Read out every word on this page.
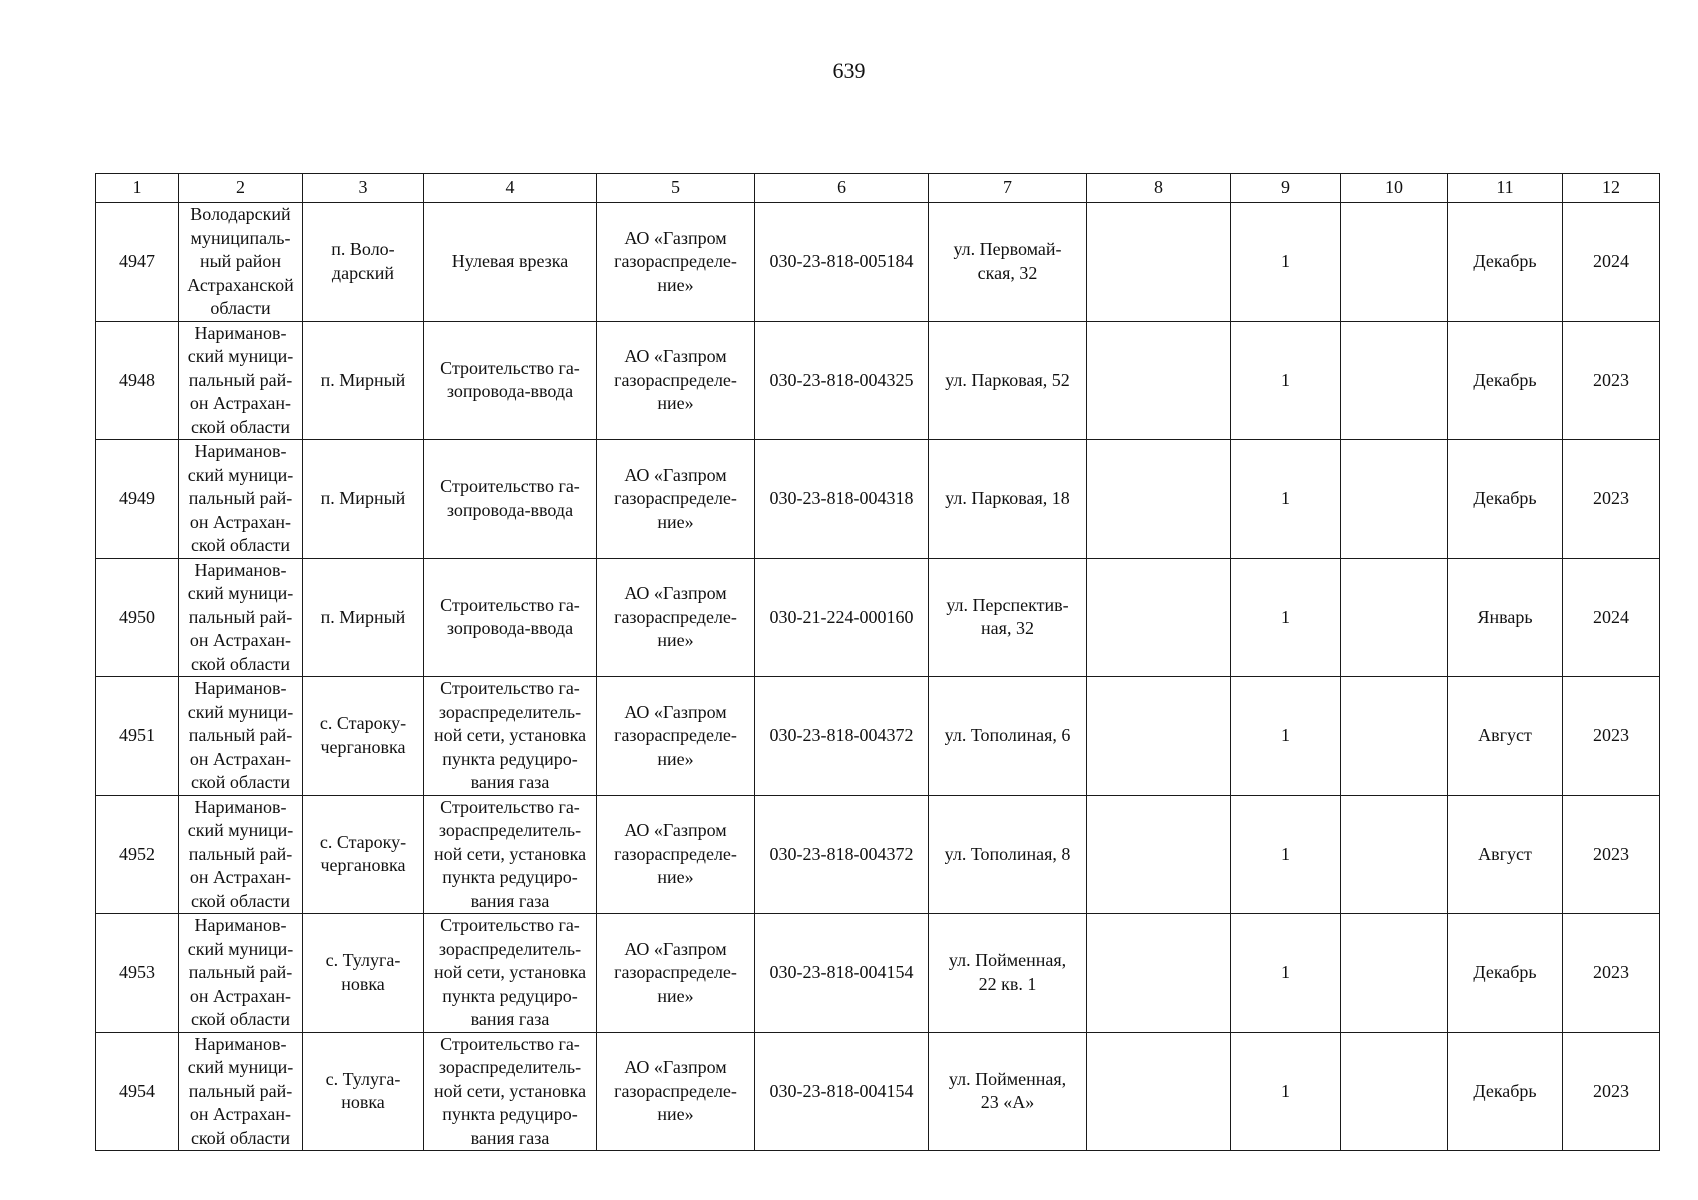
639
1	2	3	4	5	6	7	8	9	10	11	12
4947	Володарский
муниципаль-
ный район
Астраханской
области	п. Воло-
дарский	Нулевая врезка	АО «Газпром
газораспределе-
ние»	030-23-818-005184	ул. Первомай-
ская, 32		1		Декабрь	2024
4948	Нариманов-
ский муници-
пальный рай-
он Астрахан-
ской области	п. Мирный	Строительство га-
зопровода-ввода	АО «Газпром
газораспределе-
ние»	030-23-818-004325	ул. Парковая, 52		1		Декабрь	2023
4949	Нариманов-
ский муници-
пальный рай-
он Астрахан-
ской области	п. Мирный	Строительство га-
зопровода-ввода	АО «Газпром
газораспределе-
ние»	030-23-818-004318	ул. Парковая, 18		1		Декабрь	2023
4950	Нариманов-
ский муници-
пальный рай-
он Астрахан-
ской области	п. Мирный	Строительство га-
зопровода-ввода	АО «Газпром
газораспределе-
ние»	030-21-224-000160	ул. Перспектив-
ная, 32		1		Январь	2024
4951	Нариманов-
ский муници-
пальный рай-
он Астрахан-
ской области	с. Староку-
чергановка	Строительство га-
зораспределитель-
ной сети, установка
пункта редуциро-
вания газа	АО «Газпром
газораспределе-
ние»	030-23-818-004372	ул. Тополиная, 6		1		Август	2023
4952	Нариманов-
ский муници-
пальный рай-
он Астрахан-
ской области	с. Староку-
чергановка	Строительство га-
зораспределитель-
ной сети, установка
пункта редуциро-
вания газа	АО «Газпром
газораспределе-
ние»	030-23-818-004372	ул. Тополиная, 8		1		Август	2023
4953	Нариманов-
ский муници-
пальный рай-
он Астрахан-
ской области	с. Тулуга-
новка	Строительство га-
зораспределитель-
ной сети, установка
пункта редуциро-
вания газа	АО «Газпром
газораспределе-
ние»	030-23-818-004154	ул. Пойменная,
22 кв. 1		1		Декабрь	2023
4954	Нариманов-
ский муници-
пальный рай-
он Астрахан-
ской области	с. Тулуга-
новка	Строительство га-
зораспределитель-
ной сети, установка
пункта редуциро-
вания газа	АО «Газпром
газораспределе-
ние»	030-23-818-004154	ул. Пойменная,
23 «А»		1		Декабрь	2023
